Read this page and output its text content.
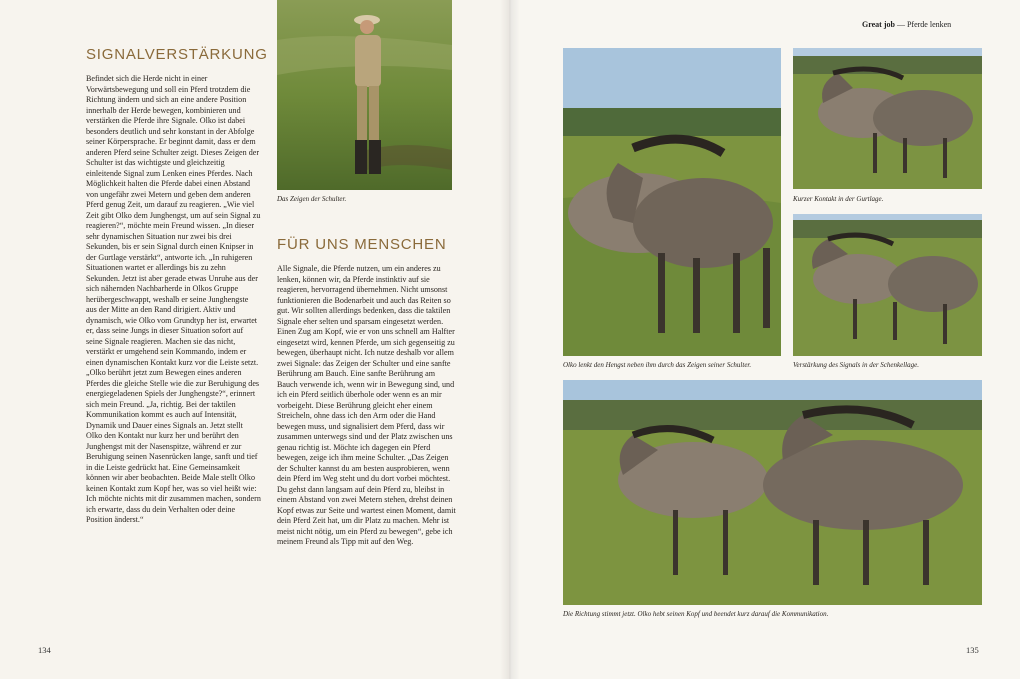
Great job — Pferde lenken
SIGNALVERSTÄRKUNG

Befindet sich die Herde nicht in einer Vorwärtsbewegung und soll ein Pferd trotzdem die Richtung ändern und sich an eine andere Position innerhalb der Herde bewegen, kombinieren und verstärken die Pferde ihre Signale. Olko ist dabei besonders deutlich und sehr konstant in der Abfolge seiner Körpersprache. Er beginnt damit, dass er dem anderen Pferd seine Schulter zeigt. Dieses Zeigen der Schulter ist das wichtigste und gleichzeitig einleitende Signal zum Lenken eines Pferdes. Nach Möglichkeit halten die Pferde dabei einen Abstand von ungefähr zwei Metern und geben dem anderen Pferd genug Zeit, um darauf zu reagieren. „Wie viel Zeit gibt Olko dem Junghengst, um auf sein Signal zu reagieren?“, möchte mein Freund wissen. „In dieser sehr dynamischen Situation nur zwei bis drei Sekunden, bis er sein Signal durch einen Knipser in der Gurtlage verstärkt“, antworte ich. „In ruhigeren Situationen wartet er allerdings bis zu zehn Sekunden. Jetzt ist aber gerade etwas Unruhe aus der sich nähernden Nachbarherde in Olkos Gruppe herübergeschwappt, weshalb er seine Junghengste aus der Mitte an den Rand dirigiert. Aktiv und dynamisch, wie Olko vom Grundtyp her ist, erwartet er, dass seine Jungs in dieser Situation sofort auf seine Signale reagieren. Machen sie das nicht, verstärkt er umgehend sein Kommando, indem er einen dynamischen Kontakt kurz vor die Leiste setzt. „Olko berührt jetzt zum Bewegen eines anderen Pferdes die gleiche Stelle wie die zur Beruhigung des energiegeladenen Spiels der Junghengste?“, erinnert sich mein Freund. „Ja, richtig. Bei der taktilen Kommunikation kommt es auch auf Intensität, Dynamik und Dauer eines Signals an. Jetzt stellt Olko den Kontakt nur kurz her und berührt den Junghengst mit der Nasenspitze, während er zur Beruhigung seinen Nasenrücken lange, sanft und tief in die Leiste gedrückt hat. Eine Gemeinsamkeit können wir aber beobachten. Beide Male stellt Olko keinen Kontakt zum Kopf her, was so viel heißt wie: Ich möchte nichts mit dir zusammen machen, sondern ich erwarte, dass du dein Verhalten oder deine Position änderst.“

Das Zeigen der Schulter.

FÜR UNS MENSCHEN

Alle Signale, die Pferde nutzen, um ein anderes zu lenken, können wir, da Pferde instinktiv auf sie reagieren, hervorragend übernehmen. Nicht umsonst funktionieren die Bodenarbeit und auch das Reiten so gut. Wir sollten allerdings bedenken, dass die taktilen Signale eher selten und sparsam eingesetzt werden. Einen Zug am Kopf, wie er von uns schnell am Halfter eingesetzt wird, kennen Pferde, um sich gegenseitig zu bewegen, überhaupt nicht. Ich nutze deshalb vor allem zwei Signale: das Zeigen der Schulter und eine sanfte Berührung am Bauch. Eine sanfte Berührung am Bauch verwende ich, wenn wir in Bewegung sind, und ich ein Pferd seitlich überhole oder wenn es an mir vorbeigeht. Diese Berührung gleicht eher einem Streicheln, ohne dass ich den Arm oder die Hand bewegen muss, und signalisiert dem Pferd, dass wir zusammen unterwegs sind und der Platz zwischen uns genau richtig ist. Möchte ich dagegen ein Pferd bewegen, zeige ich ihm meine Schulter. „Das Zeigen der Schulter kannst du am besten ausprobieren, wenn dein Pferd im Weg steht und du dort vorbei möchtest. Du gehst dann langsam auf dein Pferd zu, bleibst in einem Abstand von zwei Metern stehen, drehst deinen Kopf etwas zur Seite und wartest einen Moment, damit dein Pferd Zeit hat, um dir Platz zu machen. Mehr ist meist nicht nötig, um ein Pferd zu bewegen“, gebe ich meinem Freund als Tipp mit auf den Weg.

134

Olko lenkt den Hengst neben ihm durch das Zeigen seiner Schulter.

Kurzer Kontakt in der Gurtlage.

Verstärkung des Signals in der Schenkellage.

Die Richtung stimmt jetzt. Olko hebt seinen Kopf und beendet kurz darauf die Kommunikation.

135
